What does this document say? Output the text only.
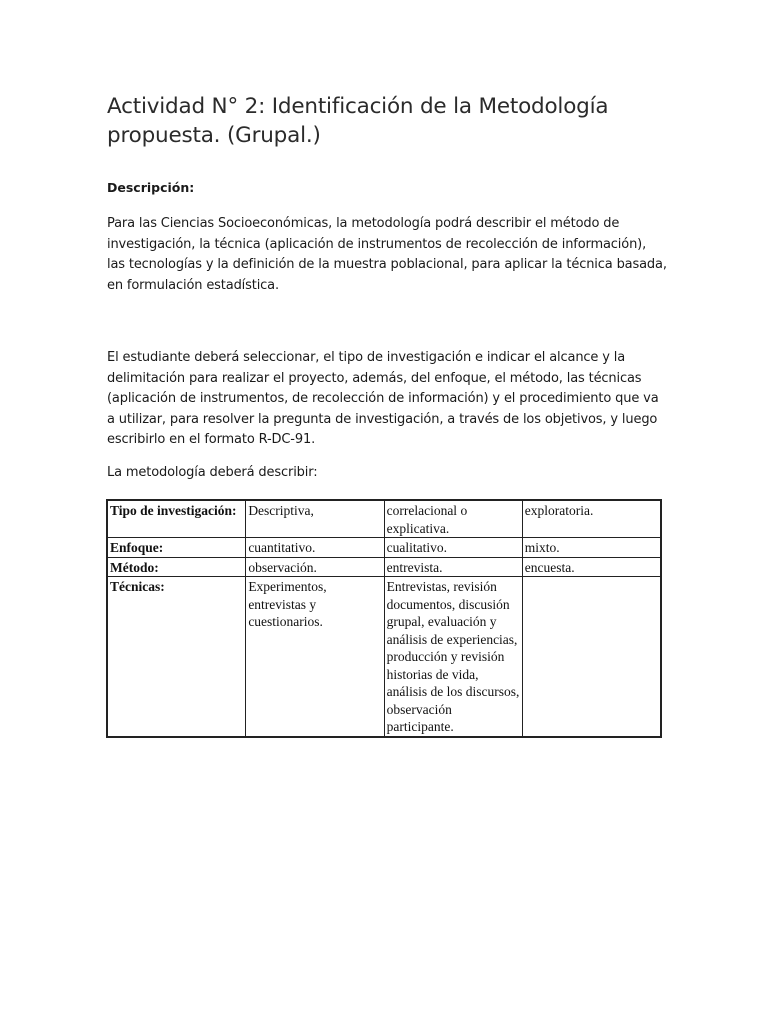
Actividad N° 2: Identificación de la Metodología propuesta. (Grupal.)

Descripción:

Para las Ciencias Socioeconómicas, la metodología podrá describir el método de investigación, la técnica (aplicación de instrumentos de recolección de información), las tecnologías y la definición de la muestra poblacional, para aplicar la técnica basada, en formulación estadística.

El estudiante deberá seleccionar, el tipo de investigación e indicar el alcance y la delimitación para realizar el proyecto, además, del enfoque, el método, las técnicas (aplicación de instrumentos, de recolección de información) y el procedimiento que va a utilizar, para resolver la pregunta de investigación, a través de los objetivos, y luego escribirlo en el formato R-DC-91.

La metodología deberá describir:

Tipo de investigación:	Descriptiva,	correlacional o explicativa.	exploratoria.
Enfoque:	cuantitativo.	cualitativo.	mixto.
Método:	observación.	entrevista.	encuesta.
Técnicas:	Experimentos, entrevistas y cuestionarios.	Entrevistas, revisión documentos, discusión grupal, evaluación y análisis de experiencias, producción y revisión historias de vida, análisis de los discursos, observación participante.	
